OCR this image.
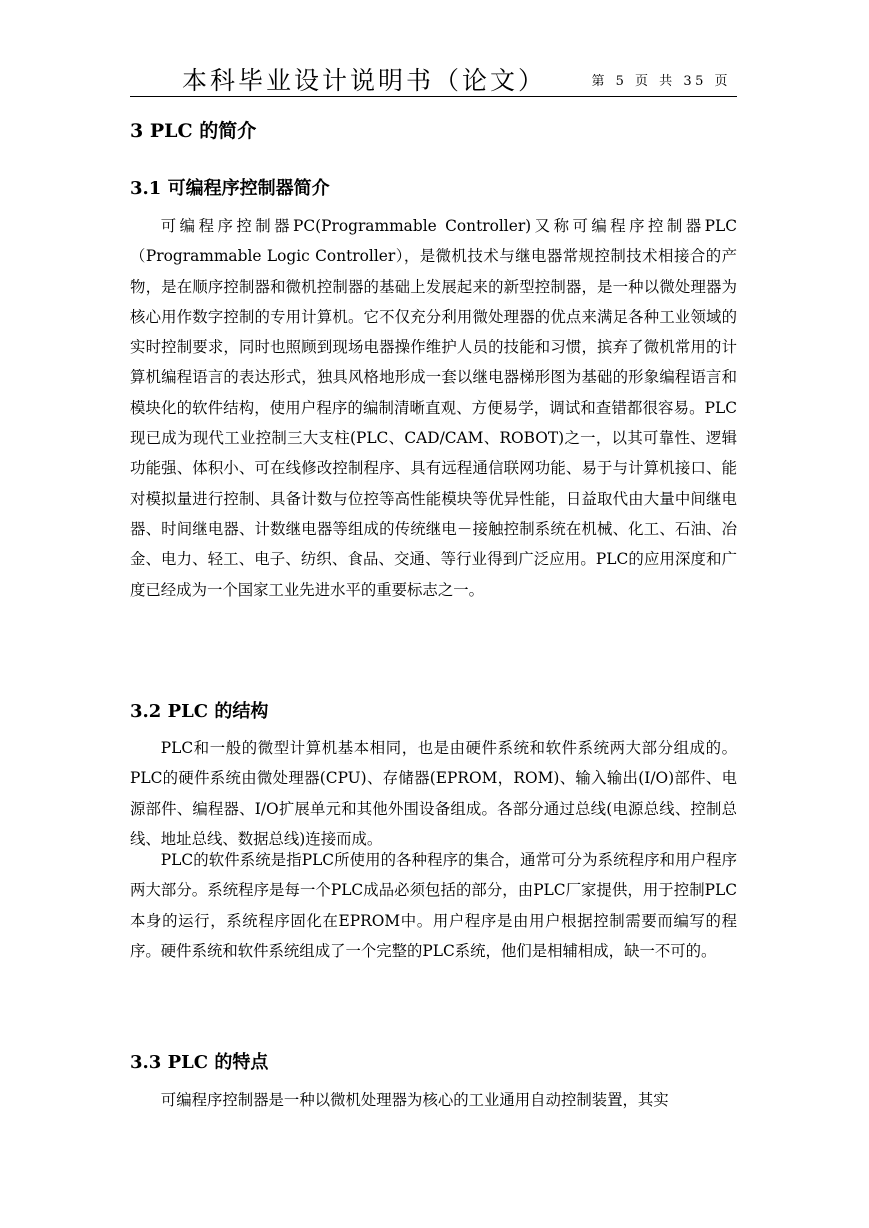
本科毕业设计说明书（论文）	第 5 页 共 35 页
3 PLC 的简介
3.1 可编程序控制器简介

可编程序控制器PC(Programmable Controller)又称可编程序控制器PLC（Programmable Logic Controller），是微机技术与继电器常规控制技术相接合的产物，是在顺序控制器和微机控制器的基础上发展起来的新型控制器，是一种以微处理器为核心用作数字控制的专用计算机。它不仅充分利用微处理器的优点来满足各种工业领域的实时控制要求，同时也照顾到现场电器操作维护人员的技能和习惯，摈弃了微机常用的计算机编程语言的表达形式，独具风格地形成一套以继电器梯形图为基础的形象编程语言和模块化的软件结构，使用户程序的编制清晰直观、方便易学，调试和查错都很容易。PLC现已成为现代工业控制三大支柱(PLC、CAD/CAM、ROBOT)之一，以其可靠性、逻辑功能强、体积小、可在线修改控制程序、具有远程通信联网功能、易于与计算机接口、能对模拟量进行控制、具备计数与位控等高性能模块等优异性能，日益取代由大量中间继电器、时间继电器、计数继电器等组成的传统继电－接触控制系统在机械、化工、石油、冶金、电力、轻工、电子、纺织、食品、交通、等行业得到广泛应用。PLC的应用深度和广度已经成为一个国家工业先进水平的重要标志之一。

3.2 PLC 的结构

PLC和一般的微型计算机基本相同，也是由硬件系统和软件系统两大部分组成的。PLC的硬件系统由微处理器(CPU)、存储器(EPROM，ROM)、输入输出(I/O)部件、电源部件、编程器、I/O扩展单元和其他外围设备组成。各部分通过总线(电源总线、控制总线、地址总线、数据总线)连接而成。

PLC的软件系统是指PLC所使用的各种程序的集合，通常可分为系统程序和用户程序两大部分。系统程序是每一个PLC成品必须包括的部分，由PLC厂家提供，用于控制PLC本身的运行，系统程序固化在EPROM中。用户程序是由用户根据控制需要而编写的程序。硬件系统和软件系统组成了一个完整的PLC系统，他们是相辅相成，缺一不可的。

3.3 PLC 的特点

可编程序控制器是一种以微机处理器为核心的工业通用自动控制装置，其实
